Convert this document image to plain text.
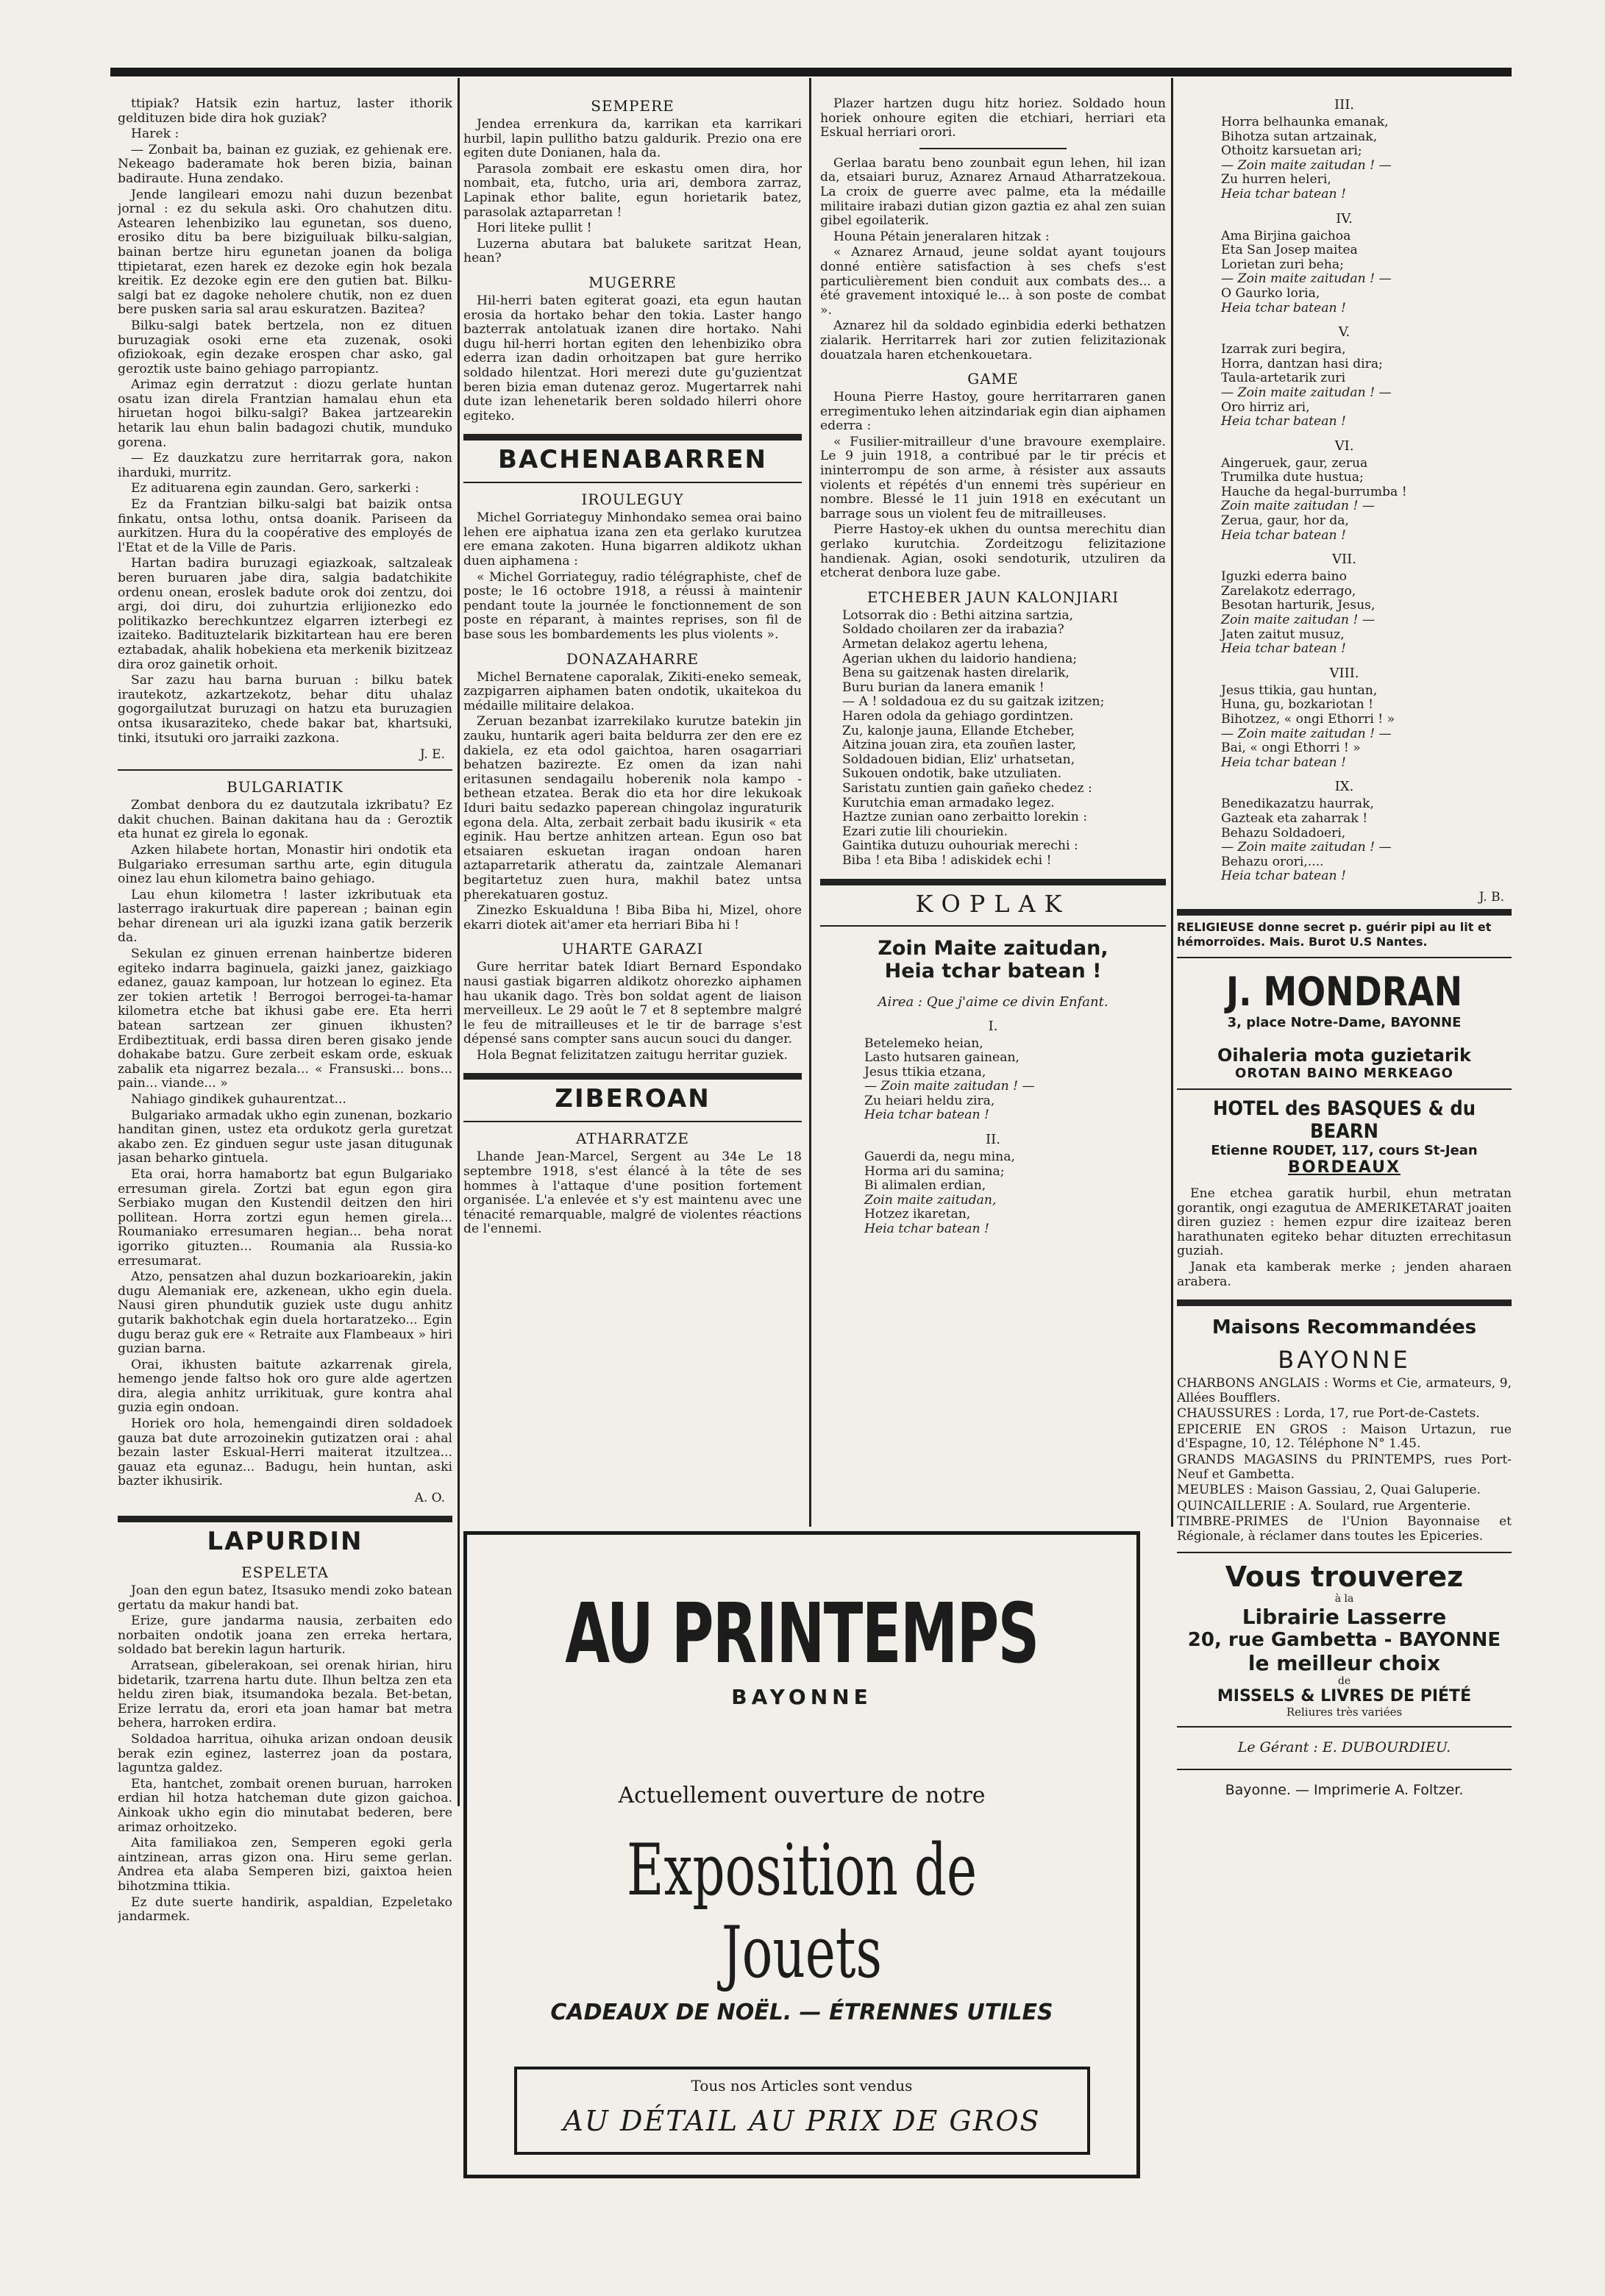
ttipiak? Hatsik ezin hartuz, laster ithorik geldituzen bide dira hok guziak?

Harek :

— Zonbait ba, bainan ez guziak, ez gehienak ere. Nekeago baderamate hok beren bizia, bainan badiraute. Huna zendako.

Jende langileari emozu nahi duzun bezenbat jornal : ez du sekula aski. Oro chahutzen ditu. Astearen lehenbiziko lau egunetan, sos dueno, erosiko ditu ba bere biziguiluak bilku-salgian, bainan bertze hiru egunetan joanen da boliga ttipietarat, ezen harek ez dezoke egin hok bezala kreitik. Ez dezoke egin ere den gutien bat. Bilku-salgi bat ez dagoke neholere chutik, non ez duen bere pusken saria sal arau eskuratzen. Bazitea?

Bilku-salgi batek bertzela, non ez dituen buruzagiak osoki erne eta zuzenak, osoki ofiziokoak, egin dezake erospen char asko, gal geroztik uste baino gehiago parropiantz.

Arimaz egin derratzut : diozu gerlate huntan osatu izan direla Frantzian hamalau ehun eta hiruetan hogoi bilku-salgi? Bakea jartzearekin hetarik lau ehun balin badagozi chutik, munduko gorena.

— Ez dauzkatzu zure herritarrak gora, nakon iharduki, murritz.

Ez adituarena egin zaundan. Gero, sarkerki :

Ez da Frantzian bilku-salgi bat baizik ontsa finkatu, ontsa lothu, ontsa doanik. Pariseen da aurkitzen. Hura du la coopérative des employés de l'Etat et de la Ville de Paris.

Hartan badira buruzagi egiazkoak, saltzaleak beren buruaren jabe dira, salgia badatchikite ordenu onean, eroslek badute orok doi zentzu, doi argi, doi diru, doi zuhurtzia erlijionezko edo politikazko berechkuntzez elgarren izterbegi ez izaiteko. Badituztelarik bizkitartean hau ere beren eztabadak, ahalik hobekiena eta merkenik bizitzeaz dira oroz gainetik orhoit.

Sar zazu hau barna buruan : bilku batek irautekotz, azkartzekotz, behar ditu uhalaz gogorgailutzat buruzagi on hatzu eta buruzagien ontsa ikusaraziteko, chede bakar bat, khartsuki, tinki, itsutuki oro jarraiki zazkona.

J. E.
BULGARIATIK

Zombat denbora du ez dautzutala izkribatu? Ez dakit chuchen. Bainan dakitana hau da : Geroztik eta hunat ez girela lo egonak.

Azken hilabete hortan, Monastir hiri ondotik eta Bulgariako erresuman sarthu arte, egin ditugula oinez lau ehun kilometra baino gehiago.

Lau ehun kilometra ! laster izkributuak eta lasterrago irakurtuak dire paperean ; bainan egin behar direnean uri ala iguzki izana gatik berzerik da.

Sekulan ez ginuen errenan hainbertze bideren egiteko indarra baginuela, gaizki janez, gaizkiago edanez, gauaz kampoan, lur hotzean lo eginez. Eta zer tokien artetik ! Berrogoi berrogei-ta-hamar kilometra etche bat ikhusi gabe ere. Eta herri batean sartzean zer ginuen ikhusten? Erdibeztituak, erdi bassa diren beren gisako jende dohakabe batzu. Gure zerbeit eskam orde, eskuak zabalik eta nigarrez bezala... « Fransuski... bons... pain... viande... »

Nahiago gindikek guhaurentzat...

Bulgariako armadak ukho egin zunenan, bozkario handitan ginen, ustez eta ordukotz gerla guretzat akabo zen. Ez ginduen segur uste jasan ditugunak jasan beharko gintuela.

Eta orai, horra hamabortz bat egun Bulgariako erresuman girela. Zortzi bat egun egon gira Serbiako mugan den Kustendil deitzen den hiri pollitean. Horra zortzi egun hemen girela... Roumaniako erresumaren hegian... beha norat igorriko gituzten... Roumania ala Russia-ko erresumarat.

Atzo, pensatzen ahal duzun bozkarioarekin, jakin dugu Alemaniak ere, azkenean, ukho egin duela. Nausi giren phundutik guziek uste dugu anhitz gutarik bakhotchak egin duela hortaratzeko... Egin dugu beraz guk ere « Retraite aux Flambeaux » hiri guzian barna.

Orai, ikhusten baitute azkarrenak girela, hemengo jende faltso hok oro gure alde agertzen dira, alegia anhitz urrikituak, gure kontra ahal guzia egin ondoan.

Horiek oro hola, hemengaindi diren soldadoek gauza bat dute arrozoinekin gutizatzen orai : ahal bezain laster Eskual-Herri maiterat itzultzea... gauaz eta egunaz... Badugu, hein huntan, aski bazter ikhusirik.

A. O.
LAPURDIN
ESPELETA

Joan den egun batez, Itsasuko mendi zoko batean gertatu da makur handi bat.

Erize, gure jandarma nausia, zerbaiten edo norbaiten ondotik joana zen erreka hertara, soldado bat berekin lagun harturik.

Arratsean, gibelerakoan, sei orenak hirian, hiru bidetarik, tzarrena hartu dute. Ilhun beltza zen eta heldu ziren biak, itsumandoka bezala. Bet-betan, Erize lerratu da, erori eta joan hamar bat metra behera, harroken erdira.

Soldadoa harritua, oihuka arizan ondoan deusik berak ezin eginez, lasterrez joan da postara, laguntza galdez.

Eta, hantchet, zombait orenen buruan, harroken erdian hil hotza hatcheman dute gizon gaichoa. Ainkoak ukho egin dio minutabat bederen, bere arimaz orhoitzeko.

Aita familiakoa zen, Semperen egoki gerla aintzinean, arras gizon ona. Hiru seme gerlan. Andrea eta alaba Semperen bizi, gaixtoa heien bihotzmina ttikia.

Ez dute suerte handirik, aspaldian, Ezpeletako jandarmek.

SEMPERE

Jendea errenkura da, karrikan eta karrikari hurbil, lapin pullitho batzu galdurik. Prezio ona ere egiten dute Donianen, hala da.

Parasola zombait ere eskastu omen dira, hor nombait, eta, futcho, uria ari, dembora zarraz, Lapinak ethor balite, egun horietarik batez, parasolak aztaparretan !

Hori liteke pullit !

Luzerna abutara bat balukete saritzat Hean, hean?

MUGERRE

Hil-herri baten egiterat goazi, eta egun hautan erosia da hortako behar den tokia. Laster hango bazterrak antolatuak izanen dire hortako. Nahi dugu hil-herri hortan egiten den lehenbiziko obra ederra izan dadin orhoitzapen bat gure herriko soldado hilentzat. Hori merezi dute gu'guzientzat beren bizia eman dutenaz geroz. Mugertarrek nahi dute izan lehenetarik beren soldado hilerri ohore egiteko.

BACHENABARREN
IROULEGUY

Michel Gorriateguy Minhondako semea orai baino lehen ere aiphatua izana zen eta gerlako kurutzea ere emana zakoten. Huna bigarren aldikotz ukhan duen aiphamena :

« Michel Gorriateguy, radio télégraphiste, chef de poste; le 16 octobre 1918, a réussi à maintenir pendant toute la journée le fonctionnement de son poste en réparant, à maintes reprises, son fil de base sous les bombardements les plus violents ».

DONAZAHARRE

Michel Bernatene caporalak, Zikiti-eneko semeak, zazpigarren aiphamen baten ondotik, ukaitekoa du médaille militaire delakoa.

Zeruan bezanbat izarrekilako kurutze batekin jin zauku, huntarik ageri baita beldurra zer den ere ez dakiela, ez eta odol gaichtoa, haren osagarriari behatzen bazirezte. Ez omen da izan nahi eritasunen sendagailu hoberenik nola kampo -bethean etzatea. Berak dio eta hor dire lekukoak Iduri baitu sedazko paperean chingolaz inguraturik egona dela. Alta, zerbait zerbait badu ikusirik « eta eginik. Hau bertze anhitzen artean. Egun oso bat etsaiaren eskuetan iragan ondoan haren aztaparretarik atheratu da, zaintzale Alemanari begitartetuz zuen hura, makhil batez untsa pherekatuaren gostuz.

Zinezko Eskualduna ! Biba Biba hi, Mizel, ohore ekarri diotek ait'amer eta herriari Biba hi !

UHARTE GARAZI

Gure herritar batek Idiart Bernard Espondako nausi gastiak bigarren aldikotz ohorezko aiphamen hau ukanik dago. Très bon soldat agent de liaison merveilleux. Le 29 août le 7 et 8 septembre malgré le feu de mitrailleuses et le tir de barrage s'est dépensé sans compter sans aucun souci du danger.

Hola Begnat felizitatzen zaitugu herritar guziek.

ZIBEROAN
ATHARRATZE

Lhande Jean-Marcel, Sergent au 34e Le 18 septembre 1918, s'est élancé à la tête de ses hommes à l'attaque d'une position fortement organisée. L'a enlevée et s'y est maintenu avec une ténacité remarquable, malgré de violentes réactions de l'ennemi.

Plazer hartzen dugu hitz horiez. Soldado houn horiek onhoure egiten die etchiari, herriari eta Eskual herriari orori.

Gerlaa baratu beno zounbait egun lehen, hil izan da, etsaiari buruz, Aznarez Arnaud Atharratzekoua. La croix de guerre avec palme, eta la médaille militaire irabazi dutian gizon gaztia ez ahal zen suian gibel egoilaterik.

Houna Pétain jeneralaren hitzak :

« Aznarez Arnaud, jeune soldat ayant toujours donné entière satisfaction à ses chefs s'est particulièrement bien conduit aux combats des... a été gravement intoxiqué le... à son poste de combat ».

Aznarez hil da soldado eginbidia ederki bethatzen zialarik. Herritarrek hari zor zutien felizitazionak douatzala haren etchenkouetara.

GAME

Houna Pierre Hastoy, goure herritarraren ganen erregimentuko lehen aitzindariak egin dian aiphamen ederra :

« Fusilier-mitrailleur d'une bravoure exemplaire. Le 9 juin 1918, a contribué par le tir précis et ininterrompu de son arme, à résister aux assauts violents et répétés d'un ennemi très supérieur en nombre. Blessé le 11 juin 1918 en exécutant un barrage sous un violent feu de mitrailleuses.

Pierre Hastoy-ek ukhen du ountsa merechitu dian gerlako kurutchia. Zordeitzogu felizitazione handienak. Agian, osoki sendoturik, utzuliren da etcherat denbora luze gabe.

ETCHEBER JAUN KALONJIARI
Lotsorrak dio : Bethi aitzina sartzia,
Soldado choilaren zer da irabazia?
Armetan delakoz agertu lehena,
Agerian ukhen du laidorio handiena;
Bena su gaitzenak hasten direlarik,
Buru burian da lanera emanik !
— A ! soldadoua ez du su gaitzak izitzen;
Haren odola da gehiago gordintzen.
Zu, kalonje jauna, Ellande Etcheber,
Aitzina jouan zira, eta zouñen laster,
Soldadouen bidian, Eliz' urhatsetan,
Sukouen ondotik, bake utzuliaten.
Saristatu zuntien gain gañeko chedez :
Kurutchia eman armadako legez.
Haztze zunian oano zerbaitto lorekin :
Ezari zutie lili chouriekin.
Gaintika dutuzu ouhouriak merechi :
Biba ! eta Biba ! adiskidek echi !
KOPLAK
Zoin Maite zaitudan,
Heia tchar batean !
Airea : Que j'aime ce divin Enfant.
I.
Betelemeko heian,
Lasto hutsaren gainean,
Jesus ttikia etzana,
— Zoin maite zaitudan ! —
Zu heiari heldu zira,
Heia tchar batean !
II.
Gauerdi da, negu mina,
Horma ari du samina;
Bi alimalen erdian,
Zoin maite zaitudan,
Hotzez ikaretan,
Heia tchar batean !
III.
Horra belhaunka emanak,
Bihotza sutan artzainak,
Othoitz karsuetan ari;
— Zoin maite zaitudan ! —
Zu hurren heleri,
Heia tchar batean !
IV.
Ama Birjina gaichoa
Eta San Josep maitea
Lorietan zuri beha;
— Zoin maite zaitudan ! —
O Gaurko loria,
Heia tchar batean !
V.
Izarrak zuri begira,
Horra, dantzan hasi dira;
Taula-artetarik zuri
— Zoin maite zaitudan ! —
Oro hirriz ari,
Heia tchar batean !
VI.
Aingeruek, gaur, zerua
Trumilka dute hustua;
Hauche da hegal-burrumba !
Zoin maite zaitudan ! —
Zerua, gaur, hor da,
Heia tchar batean !
VII.
Iguzki ederra baino
Zarelakotz ederrago,
Besotan harturik, Jesus,
Zoin maite zaitudan ! —
Jaten zaitut musuz,
Heia tchar batean !
VIII.
Jesus ttikia, gau huntan,
Huna, gu, bozkariotan !
Bihotzez, « ongi Ethorri ! »
— Zoin maite zaitudan ! —
Bai, « ongi Ethorri ! »
Heia tchar batean !
IX.
Benedikazatzu haurrak,
Gazteak eta zaharrak !
Behazu Soldadoeri,
— Zoin maite zaitudan ! —
Behazu orori,....
Heia tchar batean !
J. B.
RELIGIEUSE donne secret p. guérir pipi au lit et hémorroïdes. Mais. Burot U.S Nantes.
J. MONDRAN
3, place Notre-Dame, BAYONNE
Oihaleria mota guzietarik
OROTAN BAINO MERKEAGO
HOTEL des BASQUES & du BEARN
Etienne ROUDET, 117, cours St-Jean
BORDEAUX

Ene etchea garatik hurbil, ehun metratan gorantik, ongi ezagutua de AMERIKETARAT joaiten diren guziez : hemen ezpur dire izaiteaz beren harathunaten egiteko behar dituzten errechitasun guziah.

Janak eta kamberak merke ; jenden aharaen arabera.

Maisons Recommandées
BAYONNE

CHARBONS ANGLAIS : Worms et Cie, armateurs, 9, Allées Boufflers.

CHAUSSURES : Lorda, 17, rue Port-de-Castets.

EPICERIE EN GROS : Maison Urtazun, rue d'Espagne, 10, 12. Téléphone N° 1.45.

GRANDS MAGASINS du PRINTEMPS, rues Port-Neuf et Gambetta.

MEUBLES : Maison Gassiau, 2, Quai Galuperie.

QUINCAILLERIE : A. Soulard, rue Argenterie.

TIMBRE-PRIMES de l'Union Bayonnaise et Régionale, à réclamer dans toutes les Epiceries.

Vous trouverez
à la
Librairie Lasserre
20, rue Gambetta - BAYONNE
le meilleur choix
de
MISSELS & LIVRES DE PIÉTÉ
Reliures très variées
Le Gérant : E. DUBOURDIEU.
Bayonne. — Imprimerie A. Foltzer.
AU PRINTEMPS
BAYONNE
Actuellement ouverture de notre
Exposition de Jouets
CADEAUX DE NOËL. — ÉTRENNES UTILES
Tous nos Articles sont vendus
AU DÉTAIL AU PRIX DE GROS
